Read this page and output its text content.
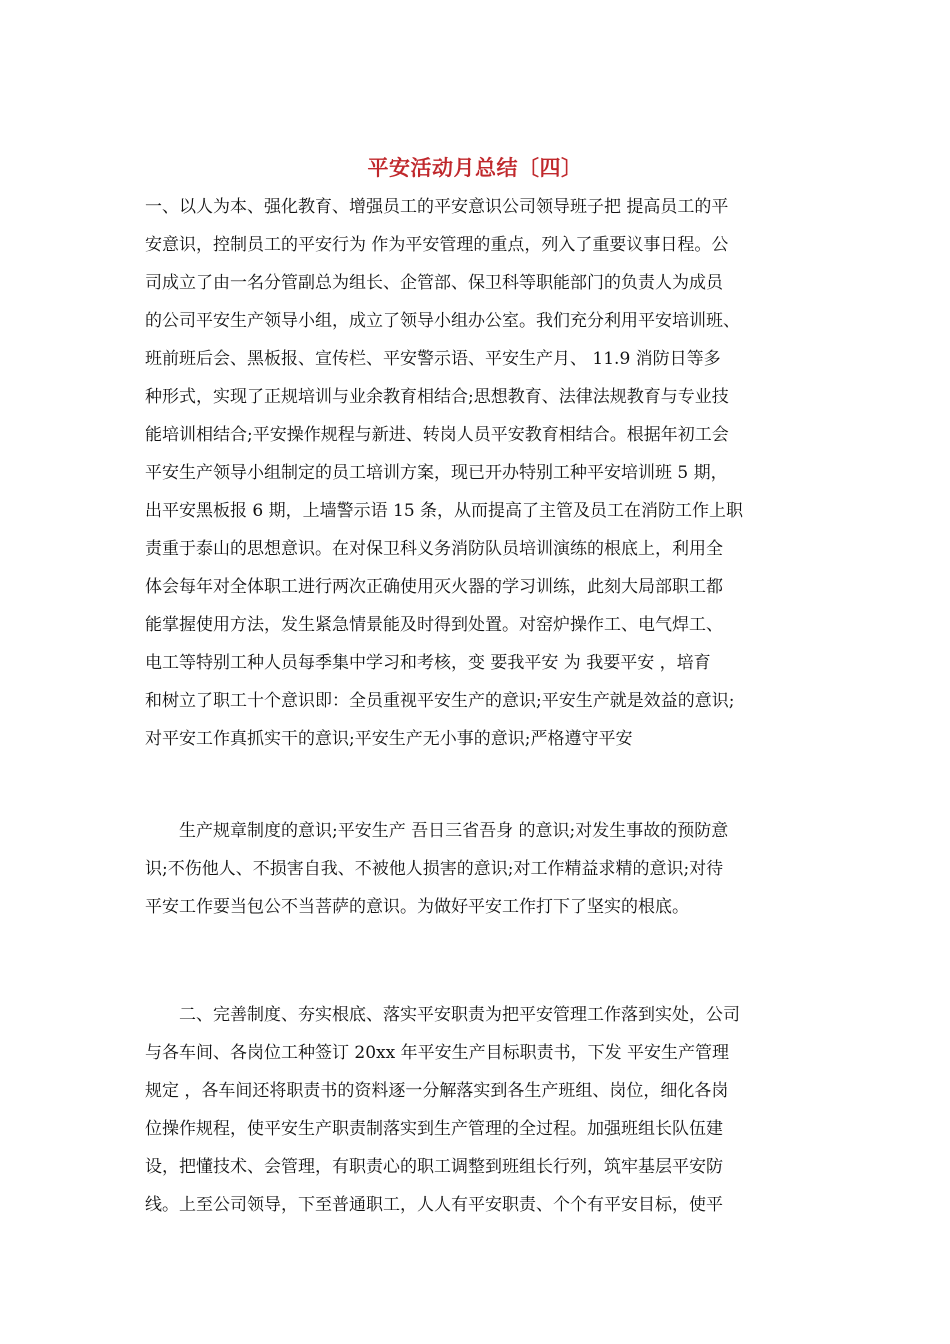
平安活动月总结〔四〕
一、以人为本、强化教育、增强员工的平安意识公司领导班子把 提高员工的平
安意识，控制员工的平安行为 作为平安管理的重点，列入了重要议事日程。公
司成立了由一名分管副总为组长、企管部、保卫科等职能部门的负责人为成员
的公司平安生产领导小组，成立了领导小组办公室。我们充分利用平安培训班、
班前班后会、黑板报、宣传栏、平安警示语、平安生产月、 11.9 消防日等多
种形式，实现了正规培训与业余教育相结合;思想教育、法律法规教育与专业技
能培训相结合;平安操作规程与新进、转岗人员平安教育相结合。根据年初工会
平安生产领导小组制定的员工培训方案，现已开办特别工种平安培训班 5 期，
出平安黑板报 6 期，上墙警示语 15 条，从而提高了主管及员工在消防工作上职
责重于泰山的思想意识。在对保卫科义务消防队员培训演练的根底上，利用全
体会每年对全体职工进行两次正确使用灭火器的学习训练，此刻大局部职工都
能掌握使用方法，发生紧急情景能及时得到处置。对窑炉操作工、电气焊工、
电工等特别工种人员每季集中学习和考核，变 要我平安 为 我要平安 ，培育
和树立了职工十个意识即：全员重视平安生产的意识;平安生产就是效益的意识;
对平安工作真抓实干的意识;平安生产无小事的意识;严格遵守平安
　　生产规章制度的意识;平安生产 吾日三省吾身 的意识;对发生事故的预防意
识;不伤他人、不损害自我、不被他人损害的意识;对工作精益求精的意识;对待
平安工作要当包公不当菩萨的意识。为做好平安工作打下了坚实的根底。
　　二、完善制度、夯实根底、落实平安职责为把平安管理工作落到实处，公司
与各车间、各岗位工种签订 20xx 年平安生产目标职责书，下发 平安生产管理
规定 ，各车间还将职责书的资料逐一分解落实到各生产班组、岗位，细化各岗
位操作规程，使平安生产职责制落实到生产管理的全过程。加强班组长队伍建
设，把懂技术、会管理，有职责心的职工调整到班组长行列，筑牢基层平安防
线。上至公司领导，下至普通职工，人人有平安职责、个个有平安目标，使平
